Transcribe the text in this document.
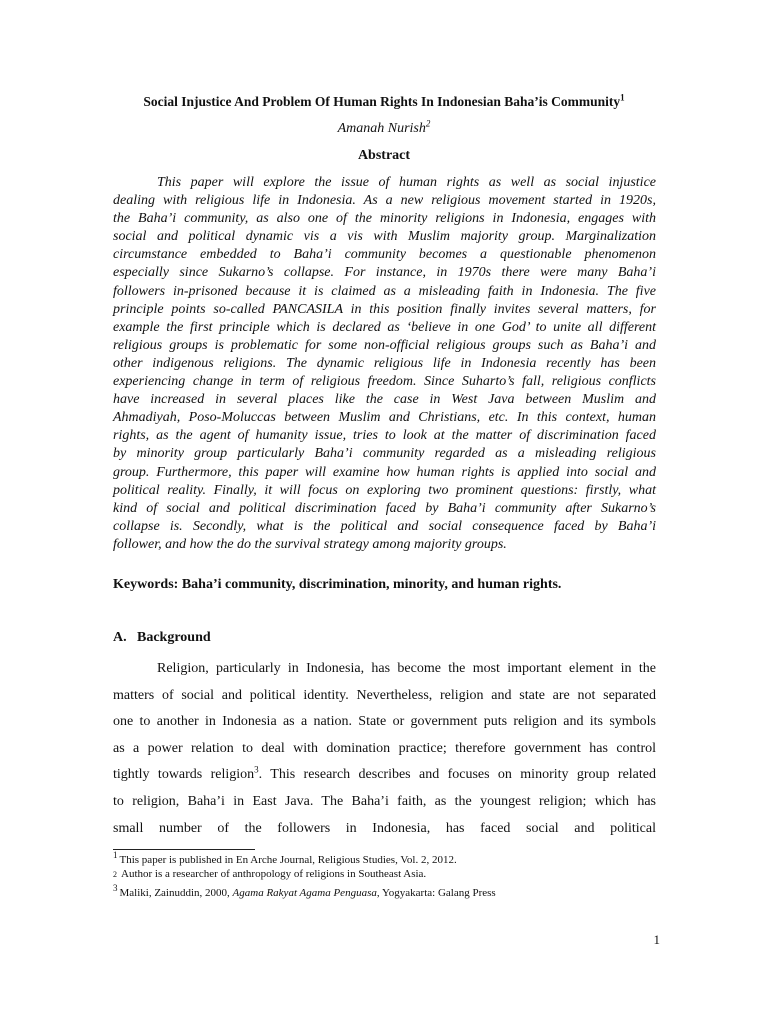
Social Injustice And Problem Of Human Rights In Indonesian Baha’is Community$^1$
Amanah Nurish$^2$
Abstract
This paper will explore the issue of human rights as well as social injustice
dealing with religious life in Indonesia. As a new religious movement started in 1920s,
the Baha’i community, as also one of the minority religions in Indonesia, engages with
social and political dynamic vis a vis with Muslim majority group. Marginalization
circumstance embedded to Baha’i community becomes a questionable phenomenon
especially since Sukarno’s collapse. For instance, in 1970s there were many Baha’i
followers in-prisoned because it is claimed as a misleading faith in Indonesia. The five
principle points so-called PANCASILA in this position finally invites several matters, for
example the first principle which is declared as ‘believe in one God’ to unite all different
religious groups is problematic for some non-official religious groups such as Baha’i and
other indigenous religions. The dynamic religious life in Indonesia recently has been
experiencing change in term of religious freedom. Since Suharto’s fall, religious conflicts
have increased in several places like the case in West Java between Muslim and
Ahmadiyah, Poso-Moluccas between Muslim and Christians, etc. In this context, human
rights, as the agent of humanity issue, tries to look at the matter of discrimination faced
by minority group particularly Baha’i community regarded as a misleading religious
group. Furthermore, this paper will examine how human rights is applied into social and
political reality. Finally, it will focus on exploring two prominent questions: firstly, what
kind of social and political discrimination faced by Baha’i community after Sukarno’s
collapse is. Secondly, what is the political and social consequence faced by Baha’i
follower, and how the do the survival strategy among majority groups.
Keywords: Baha’i community, discrimination, minority, and human rights.
A. Background
Religion, particularly in Indonesia, has become the most important element in the
matters of social and political identity. Nevertheless, religion and state are not separated
one to another in Indonesia as a nation. State or government puts religion and its symbols
as a power relation to deal with domination practice; therefore government has control
tightly towards religion$^3$. This research describes and focuses on minority group related
to religion, Baha’i in East Java. The Baha’i faith, as the youngest religion; which has
small number of the followers in Indonesia, has faced social and political
$^1$ This paper is published in En Arche Journal, Religious Studies, Vol. 2, 2012.
2 Author is a researcher of anthropology of religions in Southeast Asia.
$^3$ Maliki, Zainuddin, 2000, Agama Rakyat Agama Penguasa, Yogyakarta: Galang Press
1
